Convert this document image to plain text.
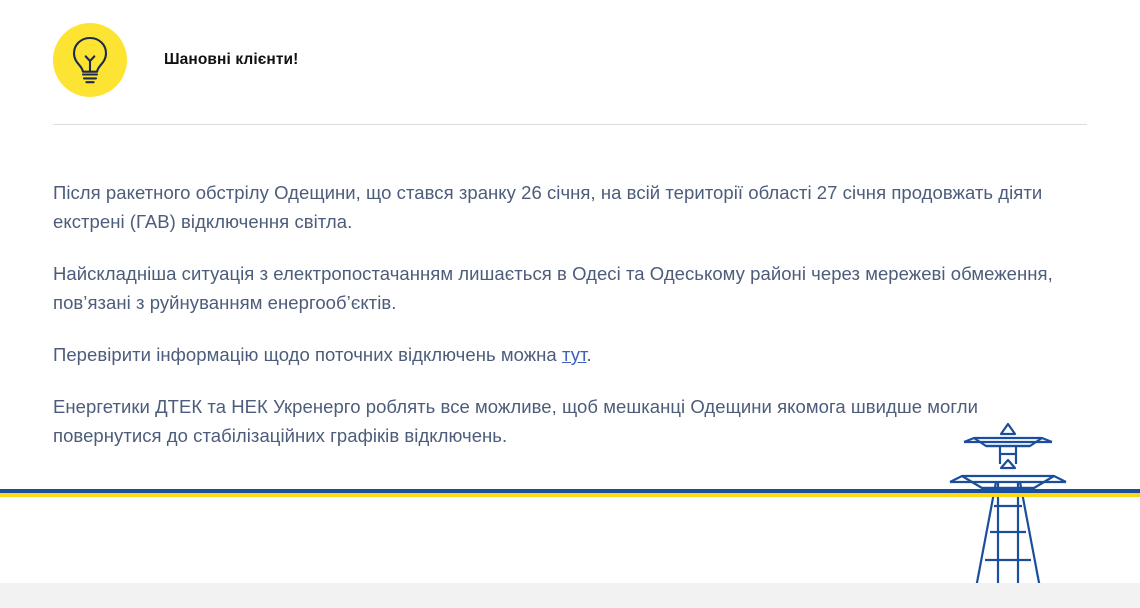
Шановні клієнти!

Після ракетного обстрілу Одещини, що стався зранку 26 січня, на всій території області 27 січня продовжать діяти екстрені (ГАВ) відключення світла.

Найскладніша ситуація з електропостачанням лишається в Одесі та Одеському районі через мережеві обмеження, пов’язані з руйнуванням енергооб’єктів.

Перевірити інформацію щодо поточних відключень можна тут.

Енергетики ДТЕК та НЕК Укренерго роблять все можливе, щоб мешканці Одещини якомога швидше могли повернутися до стабілізаційних графіків відключень.
